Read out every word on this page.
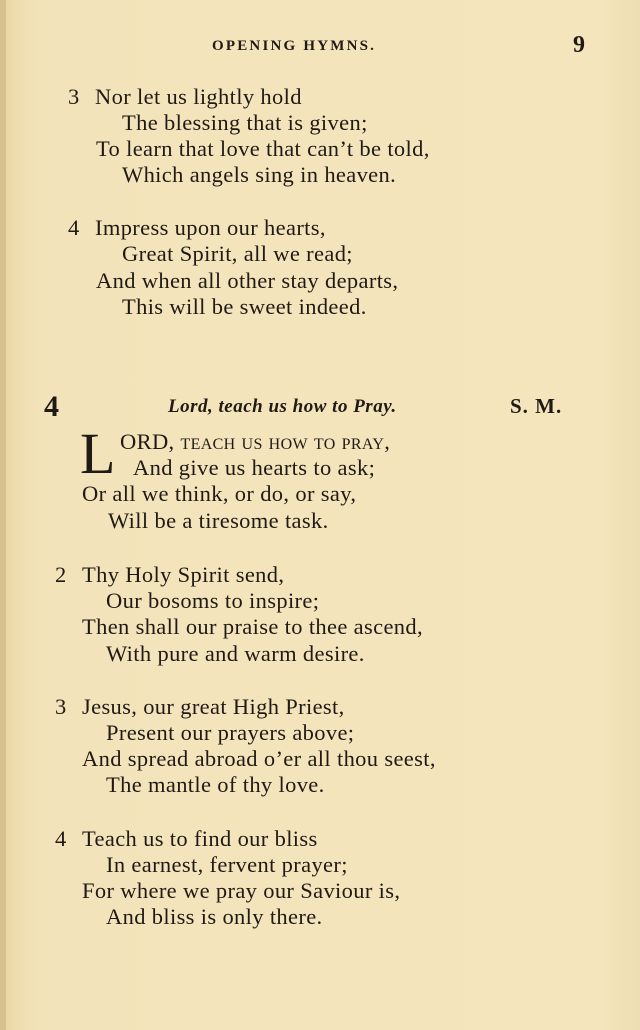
OPENING HYMNS.	9
3 Nor let us lightly hold
The blessing that is given;
To learn that love that can’t be told,
Which angels sing in heaven.
4 Impress upon our hearts,
Great Spirit, all we read;
And when all other stay departs,
This will be sweet indeed.
4	Lord, teach us how to Pray.	S. M.
L ORD, teach us how to pray,
And give us hearts to ask;
Or all we think, or do, or say,
Will be a tiresome task.
2 Thy Holy Spirit send,
Our bosoms to inspire;
Then shall our praise to thee ascend,
With pure and warm desire.
3 Jesus, our great High Priest,
Present our prayers above;
And spread abroad o’er all thou seest,
The mantle of thy love.
4 Teach us to find our bliss
In earnest, fervent prayer;
For where we pray our Saviour is,
And bliss is only there.
